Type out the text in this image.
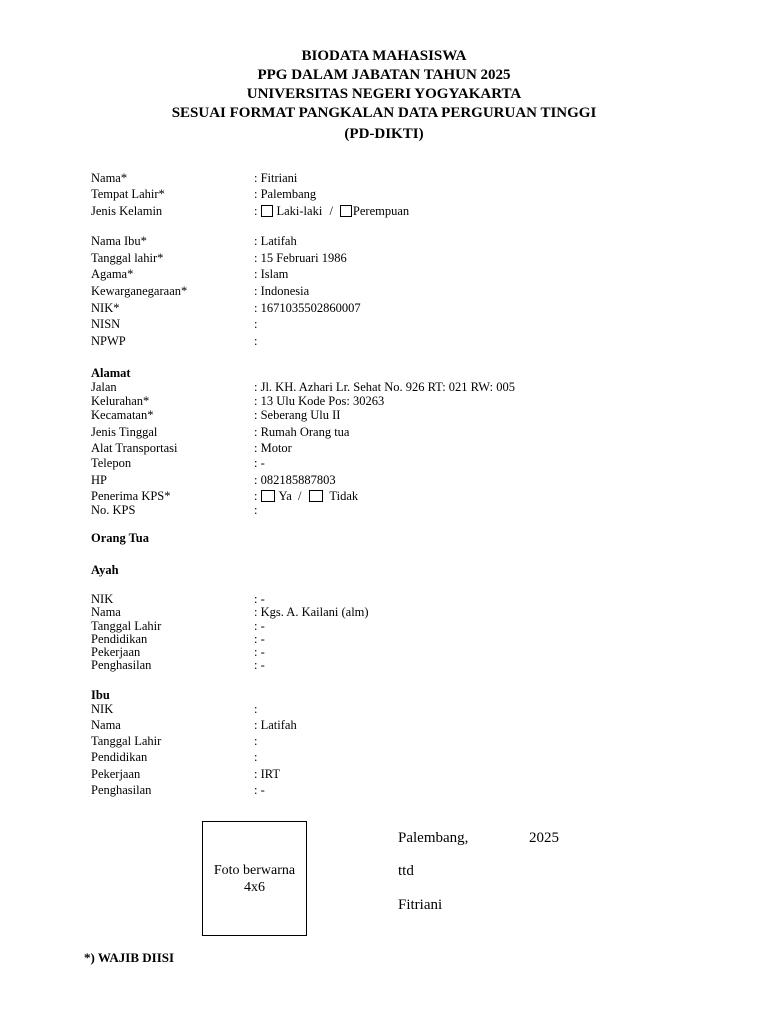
BIODATA MAHASISWA
PPG DALAM JABATAN TAHUN 2025
UNIVERSITAS NEGERI YOGYAKARTA
SESUAI FORMAT PANGKALAN DATA PERGURUAN TINGGI
(PD-DIKTI)
Nama*	: Fitriani
Tempat Lahir*	: Palembang
Jenis Kelamin	: Laki-laki / Perempuan
Nama Ibu*	: Latifah
Tanggal lahir*	: 15 Februari 1986
Agama*	: Islam
Kewarganegaraan*	: Indonesia
NIK*	: 1671035502860007
NISN	:
NPWP	:
Alamat
Jalan	: Jl. KH. Azhari Lr. Sehat No. 926 RT: 021 RW: 005
Kelurahan*	: 13 Ulu Kode Pos: 30263
Kecamatan*	: Seberang Ulu II
Jenis Tinggal	: Rumah Orang tua
Alat Transportasi	: Motor
Telepon	: -
HP	: 082185887803
Penerima KPS*	: Ya / Tidak
No. KPS	:
Orang Tua
Ayah
NIK	: -
Nama	: Kgs. A. Kailani (alm)
Tanggal Lahir	: -
Pendidikan	: -
Pekerjaan	: -
Penghasilan	: -
Ibu
NIK	:
Nama	: Latifah
Tanggal Lahir	:
Pendidikan	:
Pekerjaan	: IRT
Penghasilan	: -
Foto berwarna
4x6
Palembang,	2025
ttd
Fitriani
*) WAJIB DIISI
